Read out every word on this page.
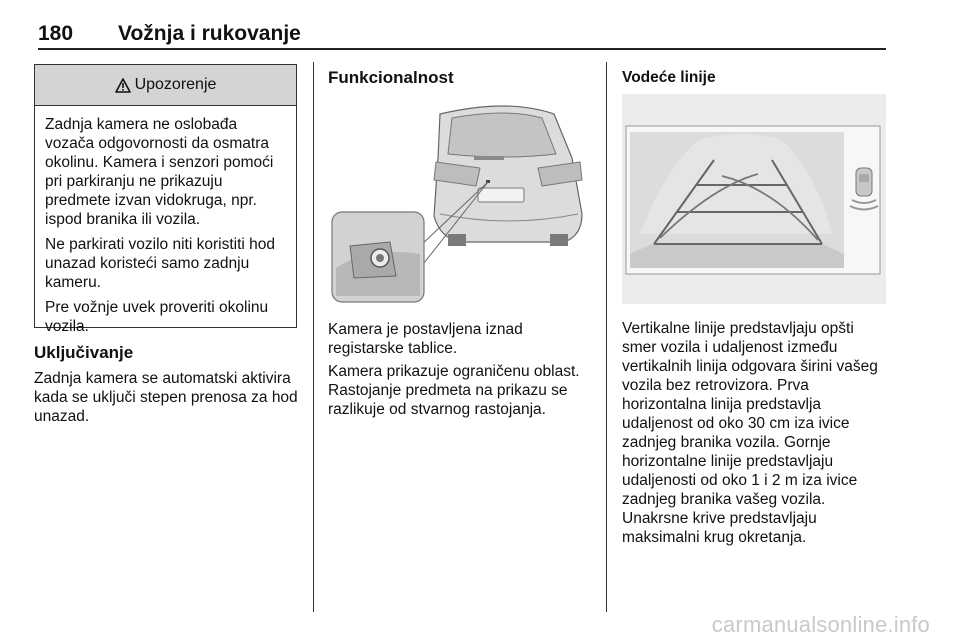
180 Vožnja i rukovanje
Upozorenje

Zadnja kamera ne oslobađa vozača odgovornosti da osmatra okolinu. Kamera i senzori pomoći pri parkiranju ne prikazuju predmete izvan vidokruga, npr. ispod branika ili vozila.

Ne parkirati vozilo niti koristiti hod unazad koristeći samo zadnju kameru.

Pre vožnje uvek proveriti okolinu vozila.

Uključivanje

Zadnja kamera se automatski aktivira kada se uključi stepen prenosa za hod unazad.

Funkcionalnost

Kamera je postavljena iznad registarske tablice.

Kamera prikazuje ograničenu oblast. Rastojanje predmeta na prikazu se razlikuje od stvarnog rastojanja.

Vodeće linije

Vertikalne linije predstavljaju opšti smer vozila i udaljenost između vertikalnih linija odgovara širini vašeg vozila bez retrovizora. Prva horizontalna linija predstavlja udaljenost od oko 30 cm iza ivice zadnjeg branika vozila. Gornje horizontalne linije predstavljaju udaljenosti od oko 1 i 2 m iza ivice zadnjeg branika vašeg vozila. Unakrsne krive predstavljaju maksimalni krug okretanja.

carmanualsonline.info
